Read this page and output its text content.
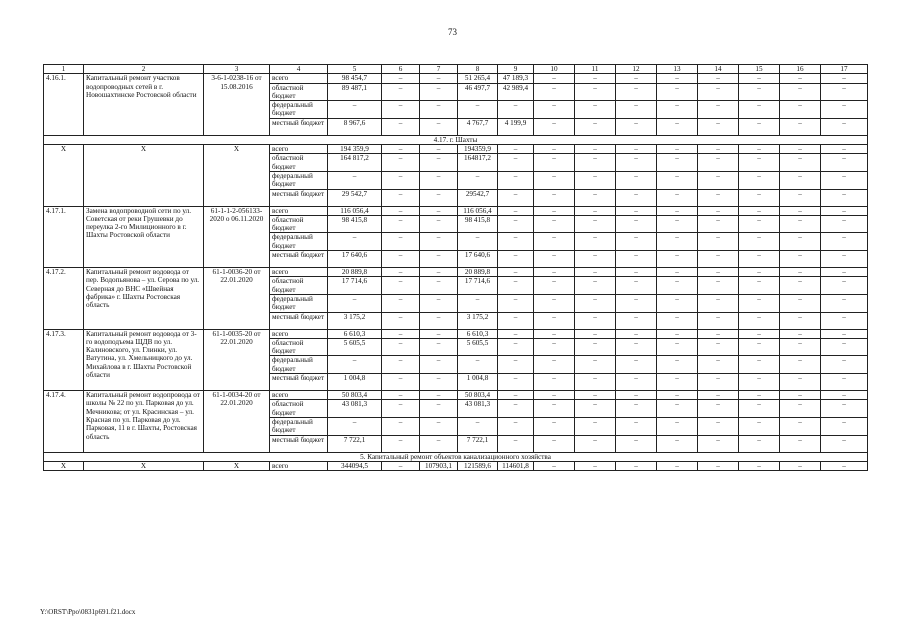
73
1	2	3	4	5	6	7	8	9	10	11	12	13	14	15	16	17
4.16.1.	Капитальный ремонт участков водопроводных сетей в г. Новошахтинске Ростовской области	3-6-1-0238-16 от 15.08.2016	всего	98 454,7	–	–	51 265,4	47 189,3	–	–	–	–	–	–	–	–
			областной бюджет	89 487,1	–	–	46 497,7	42 989,4	–	–	–	–	–	–	–	–
			федеральный бюджет	–	–	–	–	–	–	–	–	–	–	–	–	–
			местный бюджет	8 967,6	–	–	4 767,7	4 199,9	–	–	–	–	–	–	–	–
4.17. г. Шахты																
Х	Х	Х	всего	194 359,9	–	–	194359,9	–	–	–	–	–	–	–	–	–
			областной бюджет	164 817,2	–	–	164817,2	–	–	–	–	–	–	–	–	–
			федеральный бюджет	–	–	–	–	–	–	–	–	–	–	–	–	–
			местный бюджет	29 542,7	–	–	29542,7	–	–	–	–	–	–	–	–	–
4.17.1.	Замена водопроводной сети по ул. Советская от реки Грушевки до переулка 2-го Милиционного в г. Шахты Ростовской области	61-1-1-2-056133-2020 о 06.11.2020	всего	116 056,4	–	–	116 056,4	–	–	–	–	–	–	–	–	–
			областной бюджет	98 415,8	–	–	98 415,8	–	–	–	–	–	–	–	–	–
			федеральный бюджет	–	–	–	–	–	–	–	–	–	–	–	–	–
			местный бюджет	17 640,6	–	–	17 640,6	–	–	–	–	–	–	–	–	–
4.17.2.	Капитальный ремонт водовода от пер. Водопьянова – ул. Серова по ул. Северная до ВНС «Швейная фабрика» г. Шахты Ростовская область	61-1-0036-20 от 22.01.2020	всего	20 889,8	–	–	20 889,8	–	–	–	–	–	–	–	–	–
			областной бюджет	17 714,6	–	–	17 714,6	–	–	–	–	–	–	–	–	–
			федеральный бюджет	–	–	–	–	–	–	–	–	–	–	–	–	–
			местный бюджет	3 175,2	–	–	3 175,2	–	–	–	–	–	–	–	–	–
4.17.3.	Капитальный ремонт водовода от 3-го водоподъема ЩДВ по ул. Калиновского, ул. Глинки, ул. Ватутина, ул. Хмельницкого до ул. Михайлова в г. Шахты Ростовской области	61-1-0035-20 от 22.01.2020	всего	6 610,3	–	–	6 610,3	–	–	–	–	–	–	–	–	–
			областной бюджет	5 605,5	–	–	5 605,5	–	–	–	–	–	–	–	–	–
			федеральный бюджет	–	–	–	–	–	–	–	–	–	–	–	–	–
			местный бюджет	1 004,8	–	–	1 004,8	–	–	–	–	–	–	–	–	–
4.17.4.	Капитальный ремонт водопровода от школы № 22 по ул. Парковая до ул. Мечникова; от ул. Красинская – ул. Красная по ул. Парковая до ул. Парковая, 11 в г. Шахты, Ростовская область	61-1-0034-20 от 22.01.2020	всего	50 803,4	–	–	50 803,4	–	–	–	–	–	–	–	–	–
			областной бюджет	43 081,3	–	–	43 081,3	–	–	–	–	–	–	–	–	–
			федеральный бюджет	–	–	–	–	–	–	–	–	–	–	–	–	–
			местный бюджет	7 722,1	–	–	7 722,1	–	–	–	–	–	–	–	–	–
5. Капитальный ремонт объектов канализационного хозяйства																
Х	Х	Х	всего	344094,5	–	107903,1	121589,6	114601,8	–	–	–	–	–	–	–	–
Y:\ORST\Ppo\0831p691.f21.docx
